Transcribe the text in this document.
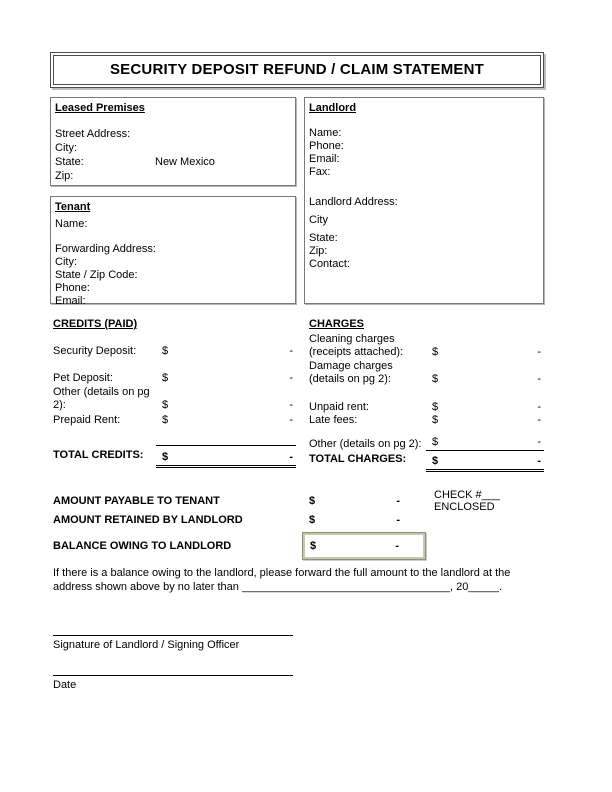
SECURITY DEPOSIT REFUND / CLAIM STATEMENT
Leased Premises
Street Address:
City:
State:	New Mexico
Zip:
Tenant
Name:
Forwarding Address:
City:
State / Zip Code:
Phone:
Email:
Landlord
Name:
Phone:
Email:
Fax:
Landlord Address:
City
State:
Zip:
Contact:
CREDITS (PAID)
Security Deposit:	$	-
Pet Deposit:	$	-
Other (details on pg 2):	$	-
Prepaid Rent:	$	-
TOTAL CREDITS:	$	-
CHARGES
Cleaning charges (receipts attached):	$	-
Damage charges (details on pg 2):	$	-
Unpaid rent:	$	-
Late fees:	$	-
Other (details on pg 2): $	-
TOTAL CHARGES:	$	-
AMOUNT PAYABLE TO TENANT	$	-	CHECK #___ ENCLOSED
AMOUNT RETAINED BY LANDLORD	$	-
BALANCE OWING TO LANDLORD	$	-
If there is a balance owing to the landlord, please forward the full amount to the landlord at the
address shown above by no later than __________________________________, 20_____.
Signature of Landlord / Signing Officer
Date
